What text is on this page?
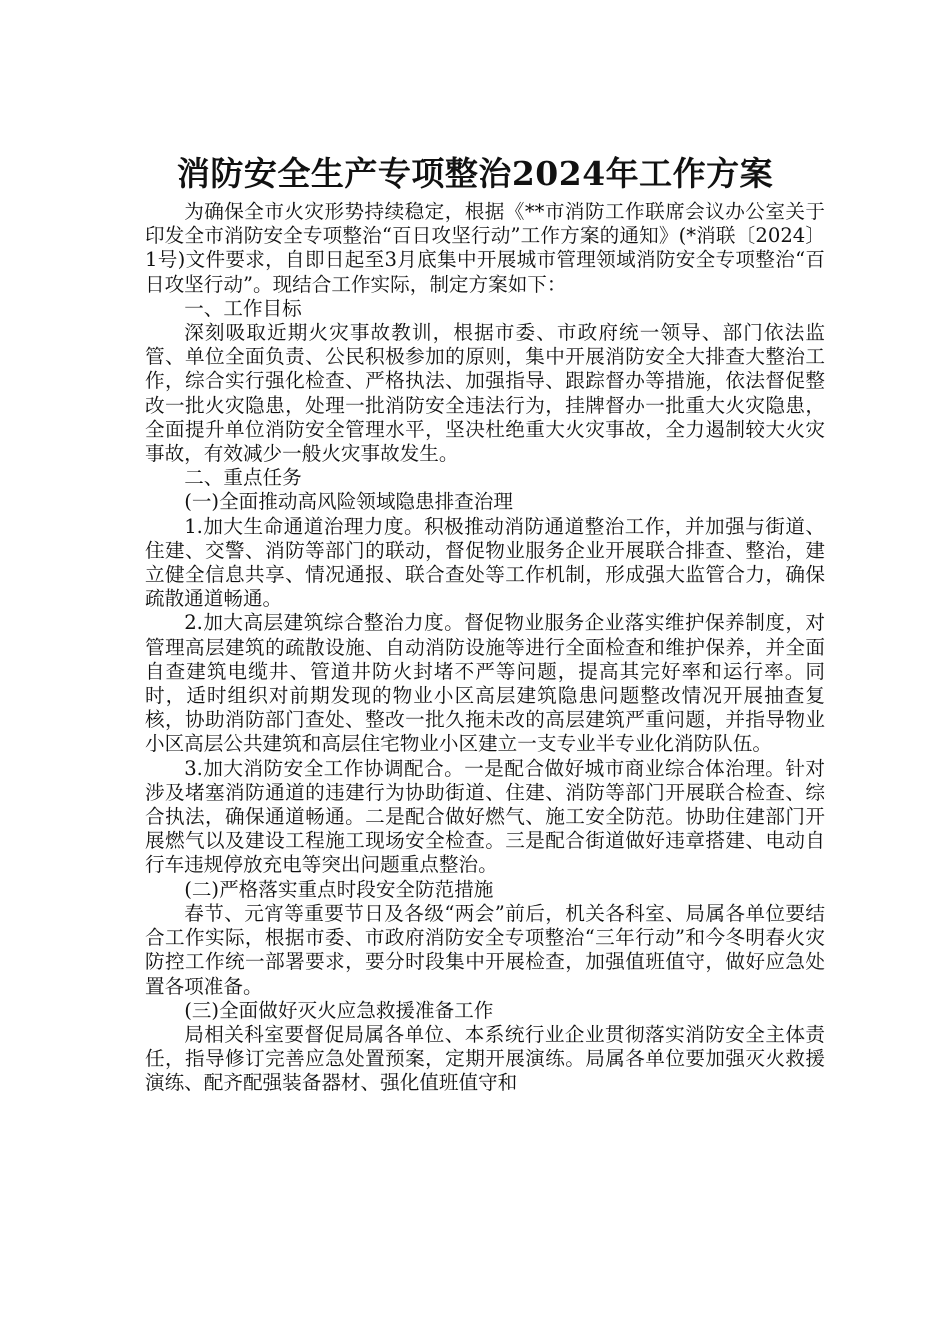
消防安全生产专项整治2024年工作方案

为确保全市火灾形势持续稳定，根据《**市消防工作联席会议办公室关于印发全市消防安全专项整治“百日攻坚行动”工作方案的通知》(*消联〔2024〕1号)文件要求，自即日起至3月底集中开展城市管理领域消防安全专项整治“百日攻坚行动”。现结合工作实际，制定方案如下：

一、工作目标

深刻吸取近期火灾事故教训，根据市委、市政府统一领导、部门依法监管、单位全面负责、公民积极参加的原则，集中开展消防安全大排查大整治工作，综合实行强化检查、严格执法、加强指导、跟踪督办等措施，依法督促整改一批火灾隐患，处理一批消防安全违法行为，挂牌督办一批重大火灾隐患，全面提升单位消防安全管理水平，坚决杜绝重大火灾事故，全力遏制较大火灾事故，有效减少一般火灾事故发生。

二、重点任务

(一)全面推动高风险领域隐患排查治理

1.加大生命通道治理力度。积极推动消防通道整治工作，并加强与街道、住建、交警、消防等部门的联动，督促物业服务企业开展联合排查、整治，建立健全信息共享、情况通报、联合查处等工作机制，形成强大监管合力，确保疏散通道畅通。

2.加大高层建筑综合整治力度。督促物业服务企业落实维护保养制度，对管理高层建筑的疏散设施、自动消防设施等进行全面检查和维护保养，并全面自查建筑电缆井、管道井防火封堵不严等问题，提高其完好率和运行率。同时，适时组织对前期发现的物业小区高层建筑隐患问题整改情况开展抽查复核，协助消防部门查处、整改一批久拖未改的高层建筑严重问题，并指导物业小区高层公共建筑和高层住宅物业小区建立一支专业半专业化消防队伍。

3.加大消防安全工作协调配合。一是配合做好城市商业综合体治理。针对涉及堵塞消防通道的违建行为协助街道、住建、消防等部门开展联合检查、综合执法，确保通道畅通。二是配合做好燃气、施工安全防范。协助住建部门开展燃气以及建设工程施工现场安全检查。三是配合街道做好违章搭建、电动自行车违规停放充电等突出问题重点整治。

(二)严格落实重点时段安全防范措施

春节、元宵等重要节日及各级“两会”前后，机关各科室、局属各单位要结合工作实际，根据市委、市政府消防安全专项整治“三年行动”和今冬明春火灾防控工作统一部署要求，要分时段集中开展检查，加强值班值守，做好应急处置各项准备。

(三)全面做好灭火应急救援准备工作

局相关科室要督促局属各单位、本系统行业企业贯彻落实消防安全主体责任，指导修订完善应急处置预案，定期开展演练。局属各单位要加强灭火救援演练、配齐配强装备器材、强化值班值守和
